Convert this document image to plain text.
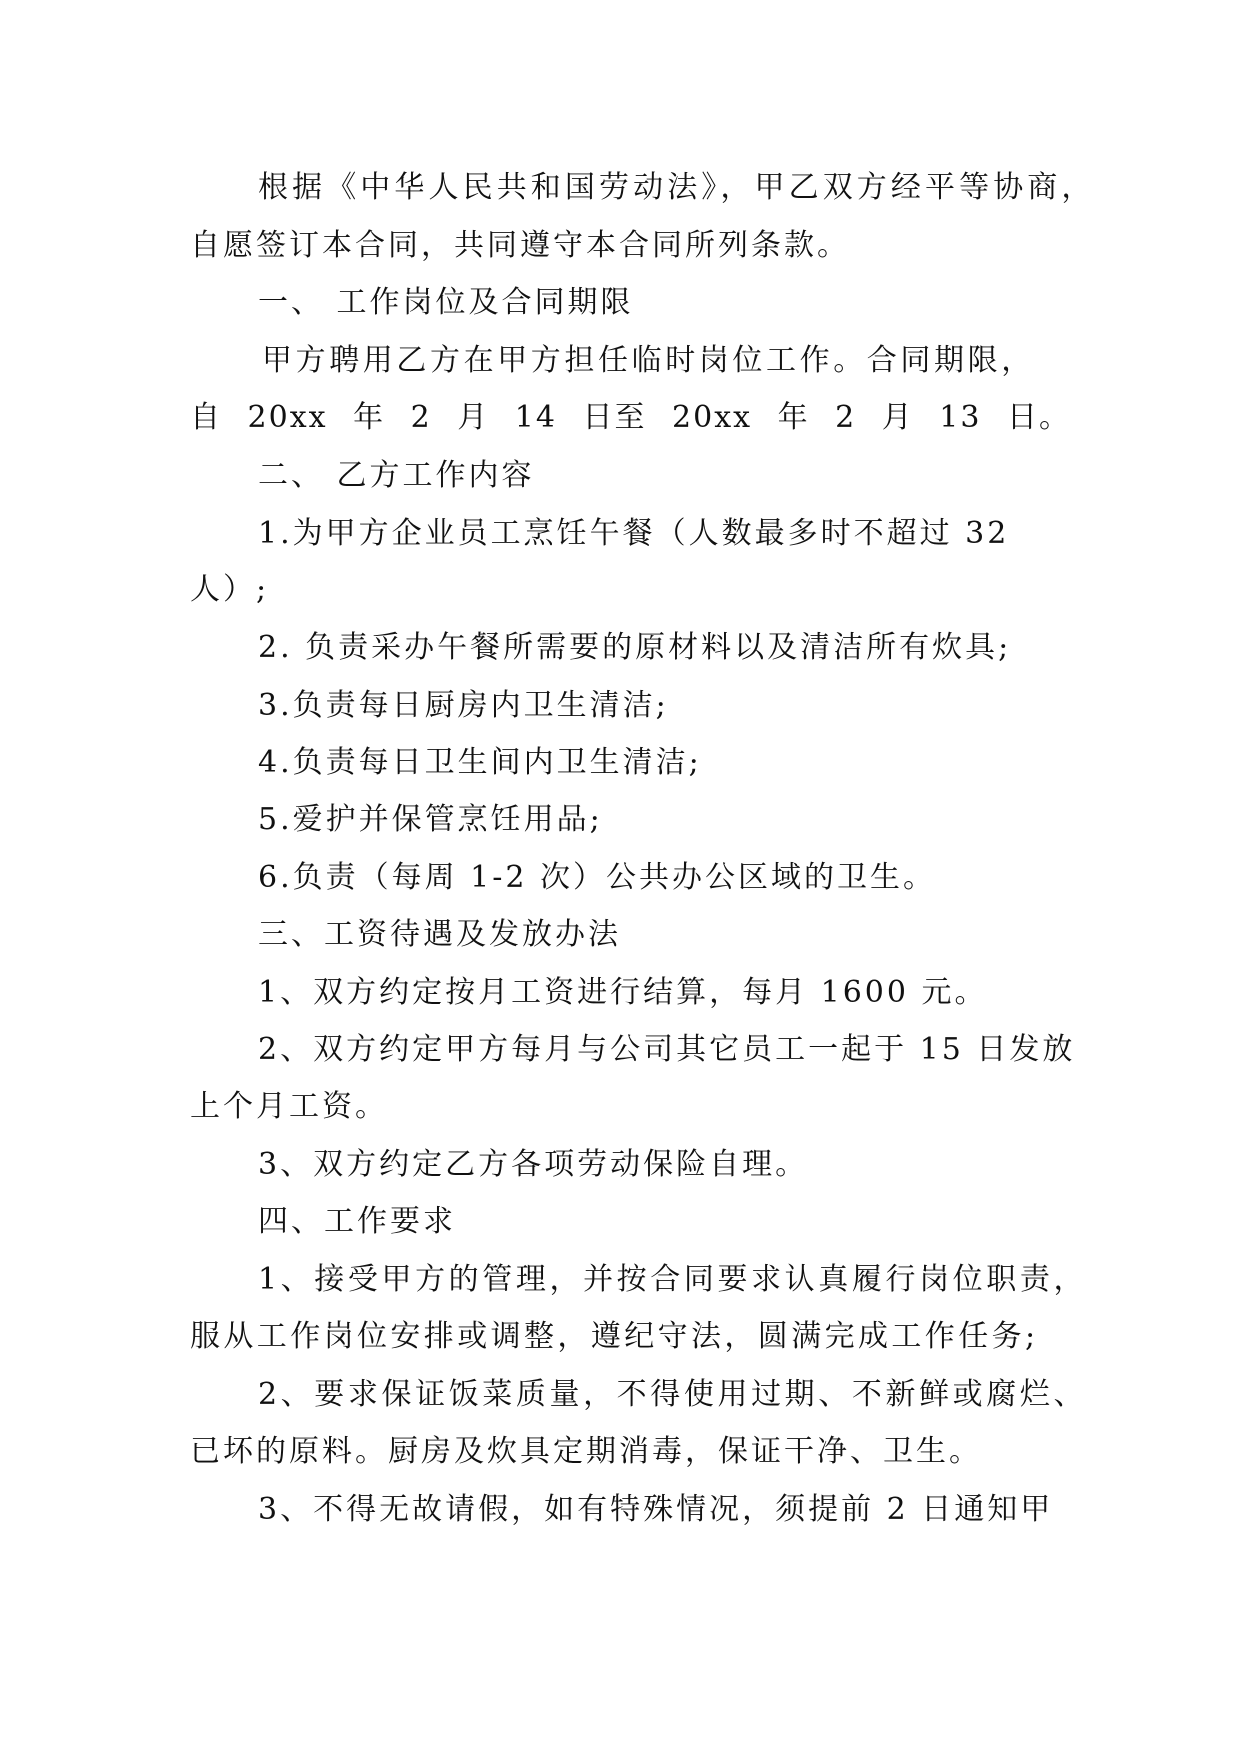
根据《中华人民共和国劳动法》，甲乙双方经平等协商，
自愿签订本合同，共同遵守本合同所列条款。
一、 工作岗位及合同期限
甲方聘用乙方在甲方担任临时岗位工作。合同期限，
自 20xx 年 2 月 14 日至 20xx 年 2 月 13 日。
二、 乙方工作内容
1.为甲方企业员工烹饪午餐（人数最多时不超过 32
人）;
2. 负责采办午餐所需要的原材料以及清洁所有炊具;
3.负责每日厨房内卫生清洁;
4.负责每日卫生间内卫生清洁;
5.爱护并保管烹饪用品;
6.负责（每周 1-2 次）公共办公区域的卫生。
三、工资待遇及发放办法
1、双方约定按月工资进行结算，每月 1600 元。
2、双方约定甲方每月与公司其它员工一起于 15 日发放
上个月工资。
3、双方约定乙方各项劳动保险自理。
四、工作要求
1、接受甲方的管理，并按合同要求认真履行岗位职责，
服从工作岗位安排或调整，遵纪守法，圆满完成工作任务;
2、要求保证饭菜质量，不得使用过期、不新鲜或腐烂、
已坏的原料。厨房及炊具定期消毒，保证干净、卫生。
3、不得无故请假，如有特殊情况，须提前 2 日通知甲
